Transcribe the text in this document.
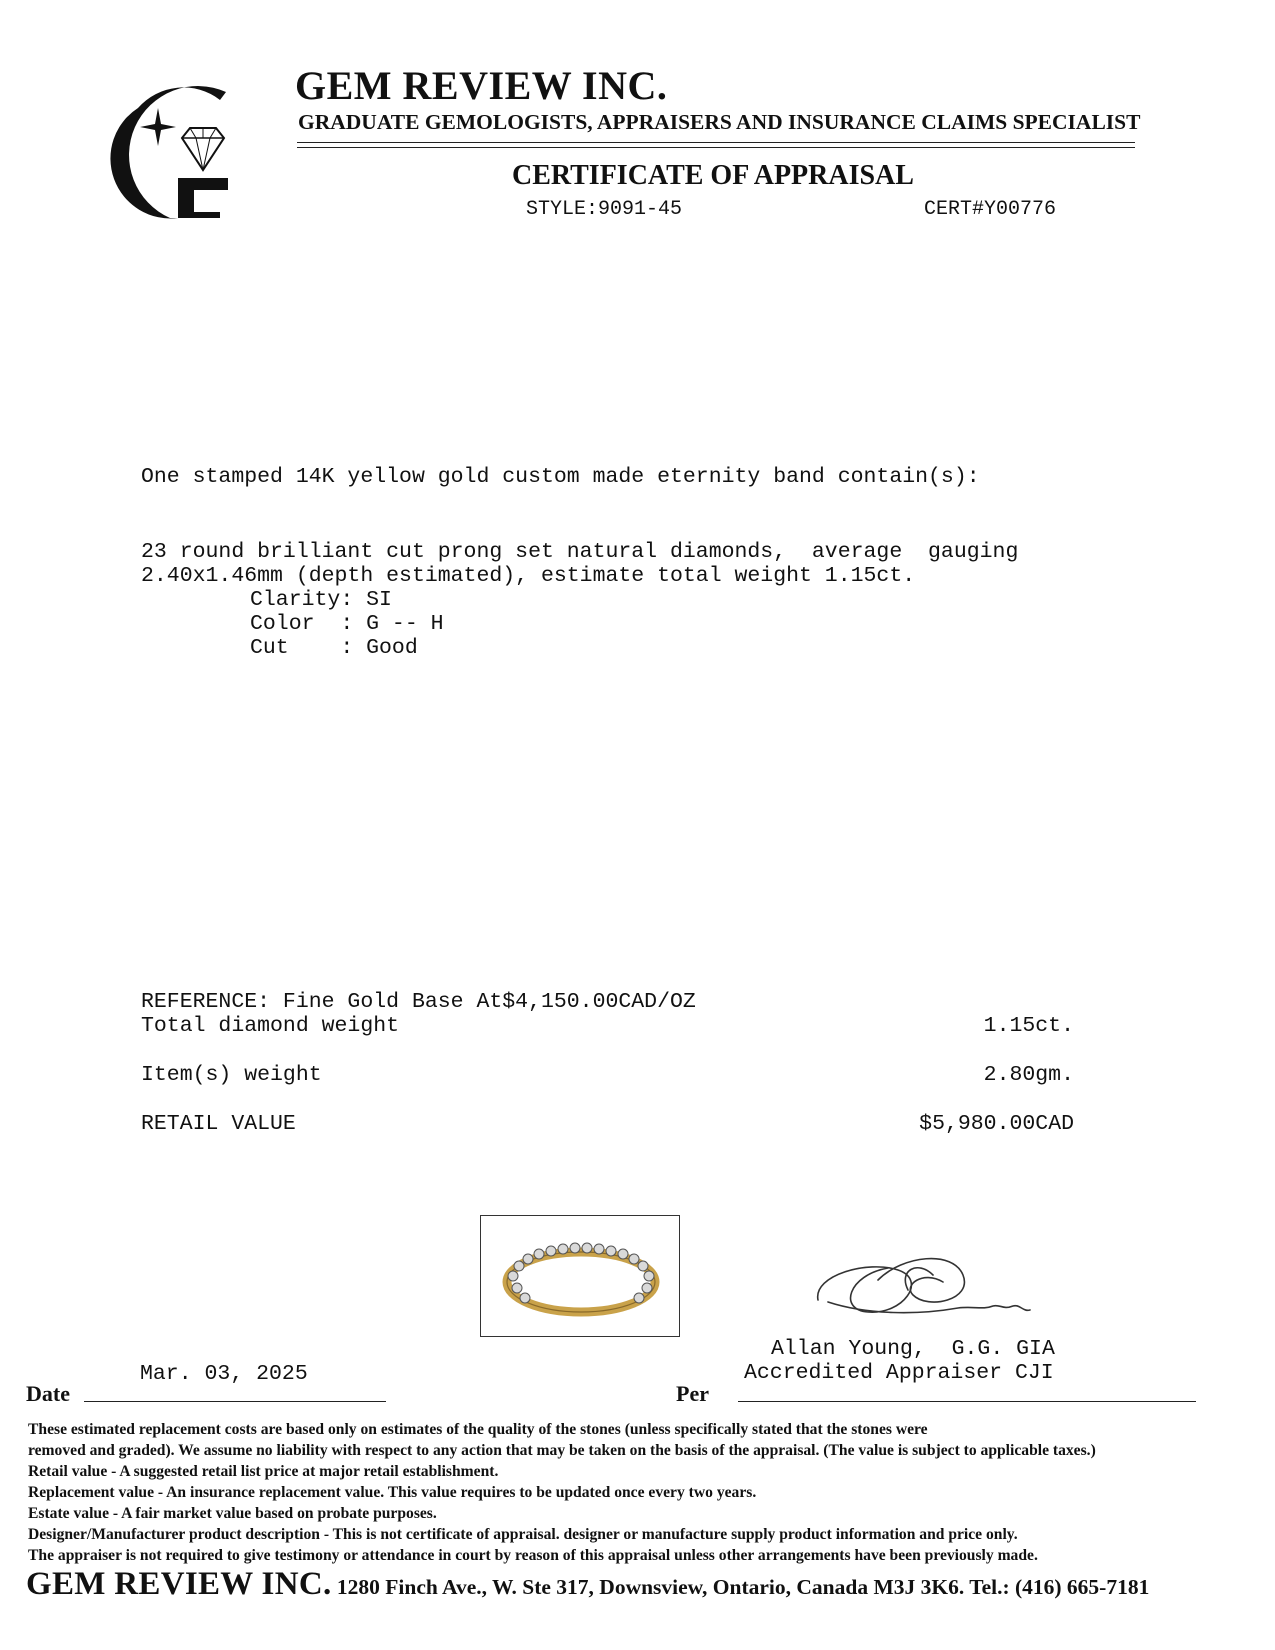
GEM REVIEW INC.
GRADUATE GEMOLOGISTS, APPRAISERS AND INSURANCE CLAIMS SPECIALIST
CERTIFICATE OF APPRAISAL
STYLE:9091-45	CERT#Y00776
One stamped 14K yellow gold custom made eternity band contain(s):
23 round brilliant cut prong set natural diamonds,  average  gauging
2.40x1.46mm (depth estimated), estimate total weight 1.15ct.
Clarity: SI
Color  : G -- H
Cut    : Good
REFERENCE: Fine Gold Base At$4,150.00CAD/OZ
Total diamond weight	1.15ct.
Item(s) weight	2.80gm.
RETAIL VALUE	$5,980.00CAD
Allan Young,  G.G. GIA
Accredited Appraiser CJI
Mar. 03, 2025
Date	Per
These estimated replacement costs are based only on estimates of the quality of the stones (unless specifically stated that the stones were
removed and graded). We assume no liability with respect to any action that may be taken on the basis of the appraisal. (The value is subject to applicable taxes.)
Retail value - A suggested retail list price at major retail establishment.
Replacement value - An insurance replacement value. This value requires to be updated once every two years.
Estate value - A fair market value based on probate purposes.
Designer/Manufacturer product description - This is not certificate of appraisal. designer or manufacture supply product information and price only.
The appraiser is not required to give testimony or attendance in court by reason of this appraisal unless other arrangements have been previously made.
GEM REVIEW INC. 1280 Finch Ave., W. Ste 317, Downsview, Ontario, Canada M3J 3K6. Tel.: (416) 665-7181
